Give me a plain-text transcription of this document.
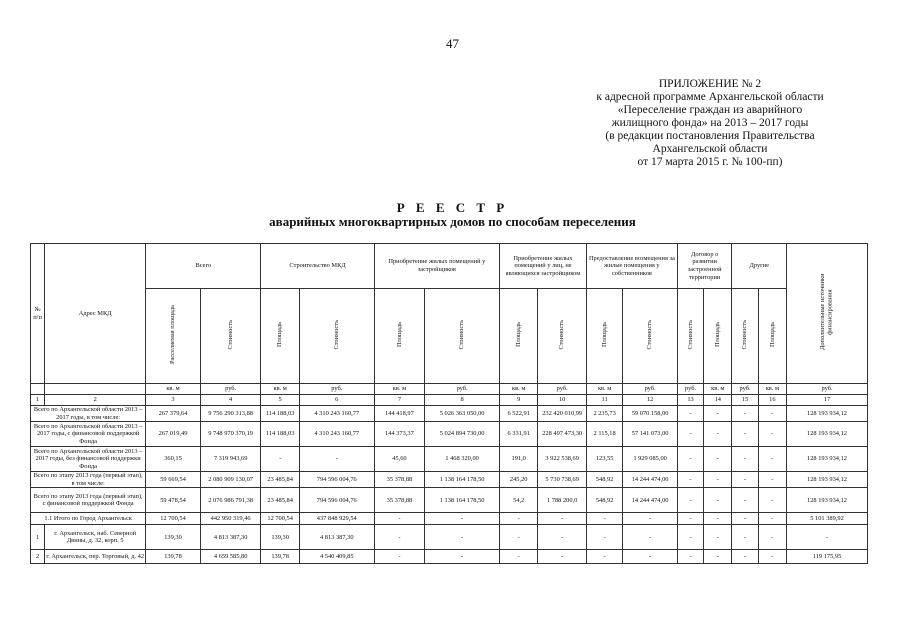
47
ПРИЛОЖЕНИЕ № 2
к адресной программе Архангельской области
«Переселение граждан из аварийного
жилищного фонда» на 2013 – 2017 годы
(в редакции постановления Правительства
Архангельской области
от 17 марта 2015 г. № 100-пп)
Р Е Е С Т Р
аварийных многоквартирных домов по способам переселения
№ п/п	Адрес МКД	Всего		Строительство МКД		Приобретение жилых помещений у застройщиков		Приобретение жилых помещений у лиц, не являющихся застройщиком		Предоставление возмещения за жилые помещения у собственников		Договор о развитии застроенной территории		Другие		Дополнительные источники финансирования
		Расселяемая площадь	Стоимость	Площадь	Стоимость	Площадь	Стоимость	Площадь	Стоимость	Площадь	Стоимость	Стоимость	Площадь	Стоимость	Площадь	
		кв. м	руб.	кв. м	руб.	кв. м	руб.	кв. м	руб.	кв. м	руб.	руб.	кв. м	руб.	кв. м	руб.
1	2	3	4	5	6	7	8	9	10	11	12	13	14	15	16	17
Всего по Архангельской области 2013 – 2017 годы, в том числе:		267 379,64	9 756 290 313,88	114 188,03	4 310 243 160,77	144 418,97	5 026 363 050,00	6 522,91	232 420 010,99	2 235,73	59 070 158,00	-	-	-	-	128 193 934,12
Всего по Архангельской области 2013 – 2017 годы, с финансовой поддержкой Фонда		267 019,49	9 748 970 370,19	114 188,03	4 310 243 160,77	144 373,37	5 024 894 730,00	6 331,91	228 497 473,30	2 115,18	57 141 073,00	-	-	-	-	128 193 934,12
Всего по Архангельской области 2013 – 2017 годы, без финансовой поддержки Фонда		360,15	7 319 943,69	-	-	45,60	1 468 320,00	191,0	3 922 538,69	123,55	1 929 085,00	-	-	-	-	128 193 934,12
Всего по этапу 2013 года (первый этап), в том числе:		59 669,54	2 080 909 130,07	23 485,84	794 596 004,76	35 378,88	1 138 164 178,50	245,20	5 730 738,69	548,92	14 244 474,00	-	-	-	-	128 193 934,12
Всего по этапу 2013 года (первый этап), с финансовой поддержкой Фонда		59 478,54	2 076 986 791,38	23 485,84	794 596 004,76	35 378,88	1 138 164 178,50	54,2	1 788 200,0	548,92	14 244 474,00	-	-	-	-	128 193 934,12
1.1 Итого по Город Архангельск		12 700,54	442 950 319,46	12 700,54	437 848 929,54	-	-	-	-	-	-	-	-	-	-	5 101 389,92
1	г. Архангельск, наб. Северной Двины, д. 32, корп. 5	139,30	4 813 387,30	139,30	4 813 387,30	-	-	-	-	-	-	-	-	-	-	-
2	г. Архангельск, пер. Торговый, д. 42	139,78	4 659 585,80	139,78	4 540 409,85	-	-	-	-	-	-	-	-	-	-	119 175,95
